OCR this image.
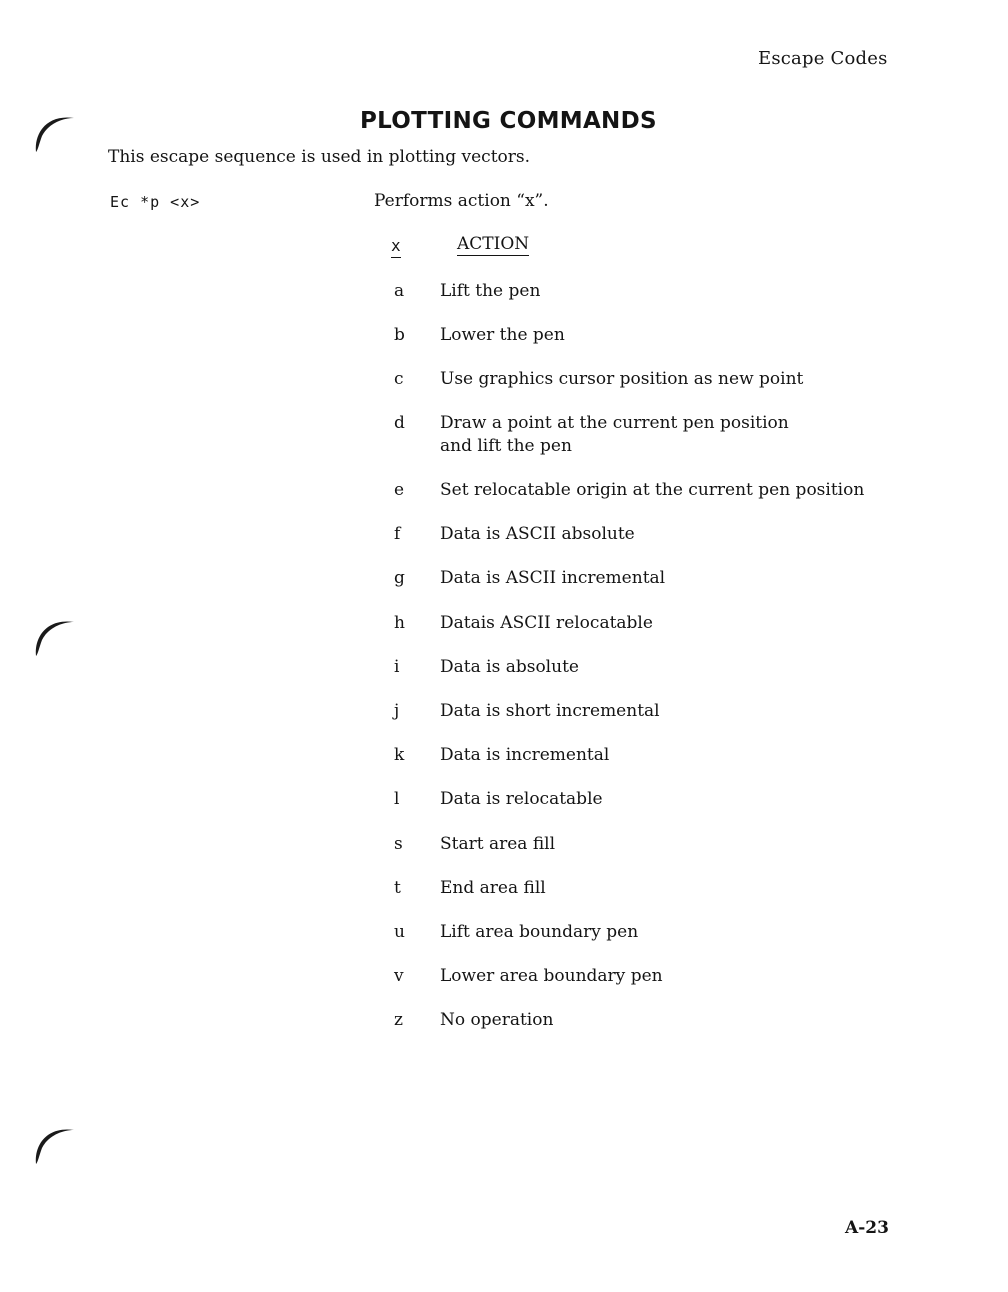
Escape Codes
PLOTTING COMMANDS
This escape sequence is used in plotting vectors.
Ec *p <x>	Performs action “x”.
x	ACTION
a	Lift the pen
b	Lower the pen
c	Use graphics cursor position as new point
d	Draw a point at the current pen position and lift the pen
e	Set relocatable origin at the current pen position
f	Data is ASCII absolute
g	Data is ASCII incremental
h	Datais ASCII relocatable
i	Data is absolute
j	Data is short incremental
k	Data is incremental
l	Data is relocatable
s	Start area fill
t	End area fill
u	Lift area boundary pen
v	Lower area boundary pen
z	No operation
A-23
